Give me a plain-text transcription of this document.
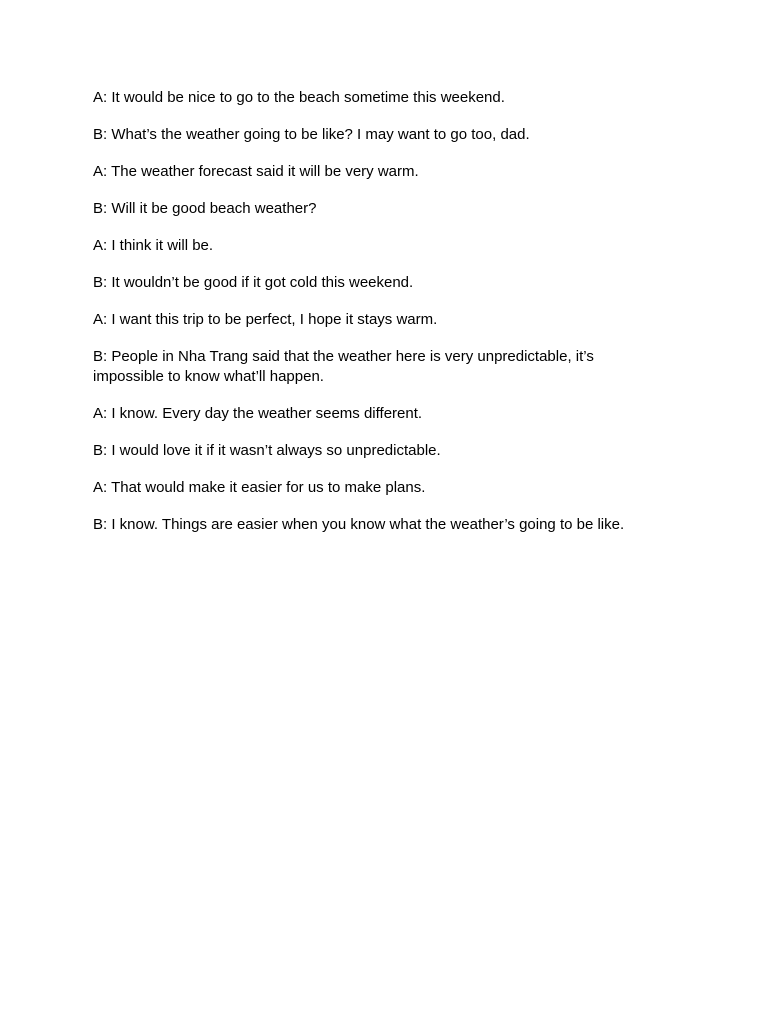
A: It would be nice to go to the beach sometime this weekend.

B: What’s the weather going to be like? I may want to go too, dad.

A: The weather forecast said it will be very warm.

B: Will it be good beach weather?

A: I think it will be.

B: It wouldn’t be good if it got cold this weekend.

A: I want this trip to be perfect, I hope it stays warm.

B: People in Nha Trang said that the weather here is very unpredictable, it’s impossible to know what’ll happen.

A: I know. Every day the weather seems different.

B: I would love it if it wasn’t always so unpredictable.

A: That would make it easier for us to make plans.

B: I know. Things are easier when you know what the weather’s going to be like.
